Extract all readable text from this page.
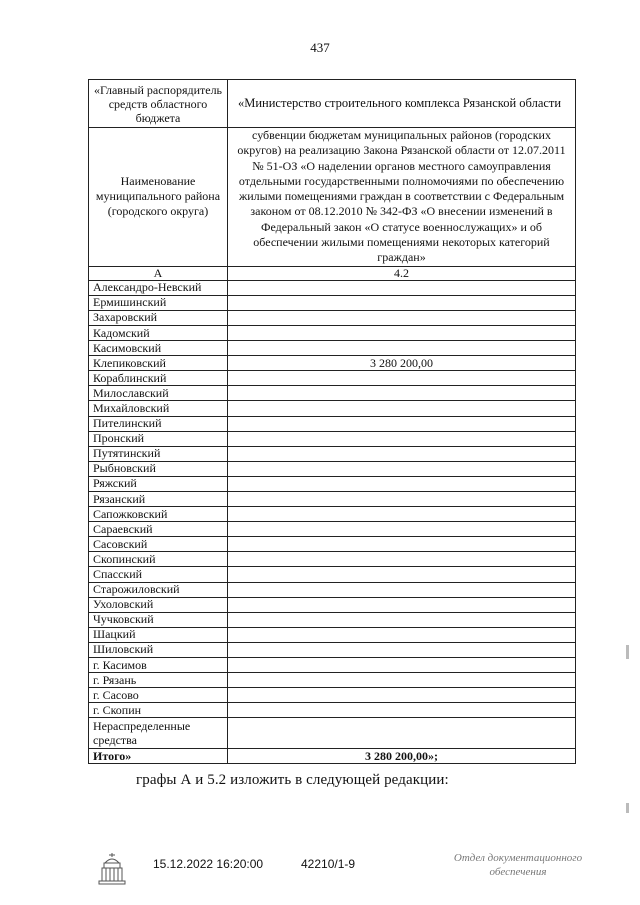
437
«Главный распорядитель средств областного бюджета	«Министерство строительного комплекса Рязанской области
Наименование муниципального района (городского округа)	субвенции бюджетам муниципальных районов (городских округов) на реализацию Закона Рязанской области от 12.07.2011 № 51-ОЗ «О наделении органов местного самоуправления отдельными государственными полномочиями по обеспечению жилыми помещениями граждан в соответствии с Федеральным законом от 08.12.2010 № 342-ФЗ «О внесении изменений в Федеральный закон «О статусе военнослужащих» и об обеспечении жилыми помещениями некоторых категорий граждан»
А	4.2
Александро-Невский	
Ермишинский	
Захаровский	
Кадомский	
Касимовский	
Клепиковский	3 280 200,00
Кораблинский	
Милославский	
Михайловский	
Пителинский	
Пронский	
Путятинский	
Рыбновский	
Ряжский	
Рязанский	
Сапожковский	
Сараевский	
Сасовский	
Скопинский	
Спасский	
Старожиловский	
Ухоловский	
Чучковский	
Шацкий	
Шиловский	
г. Касимов	
г. Рязань	
г. Сасово	
г. Скопин	
Нераспределенные средства	
Итого»	3 280 200,00»;
графы А и 5.2 изложить в следующей редакции:
15.12.2022 16:20:00	42210/1-9	Отдел документационного
обеспечения
